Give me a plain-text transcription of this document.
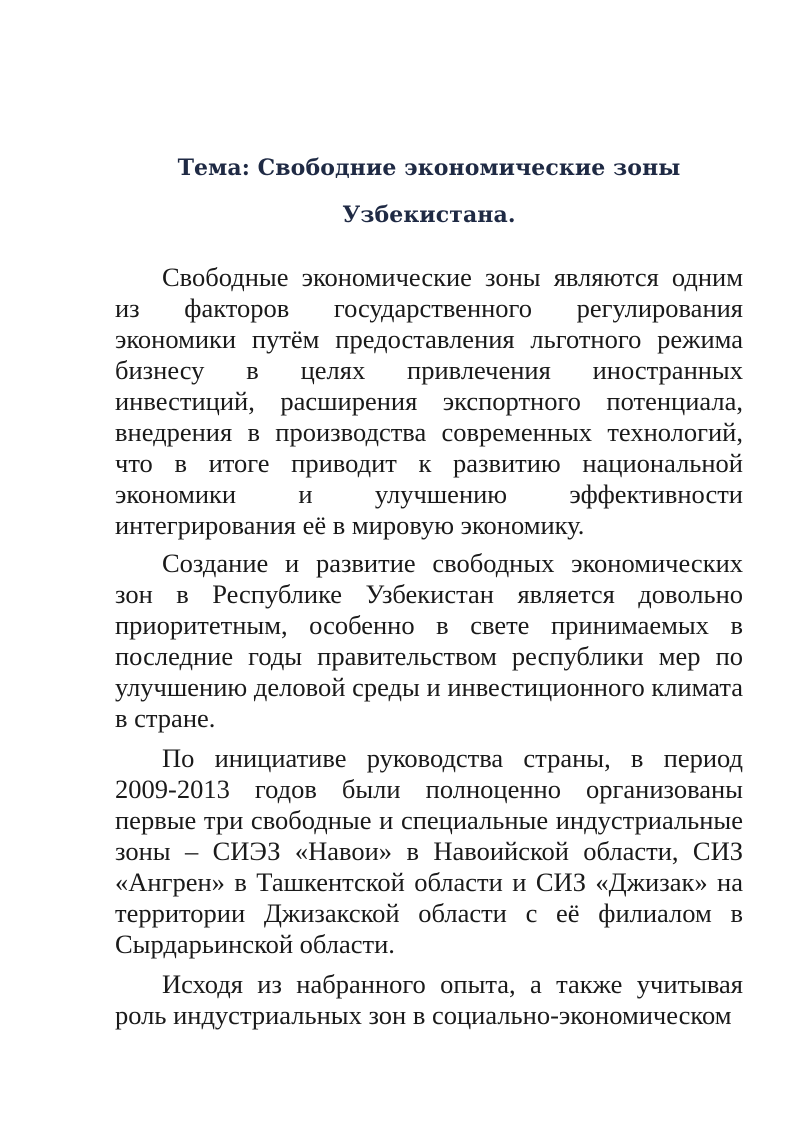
Тема: Свободние экономические зоны
Узбекистана.

Свободные экономические зоны являются одним из факторов государственного регулирования экономики путём предоставления льготного режима бизнесу в целях привлечения иностранных инвестиций, расширения экспортного потенциала, внедрения в производства современных технологий, что в итоге приводит к развитию национальной экономики и улучшению эффективности интегрирования её в мировую экономику.

Создание и развитие свободных экономических зон в Республике Узбекистан является довольно приоритетным, особенно в свете принимаемых в последние годы правительством республики мер по улучшению деловой среды и инвестиционного климата в стране.

По инициативе руководства страны, в период 2009-2013 годов были полноценно организованы первые три свободные и специальные индустриальные зоны – СИЭЗ «Навои» в Навоийской области, СИЗ «Ангрен» в Ташкентской области и СИЗ «Джизак» на территории Джизакской области с её филиалом в Сырдарьинской области.

Исходя из набранного опыта, а также учитывая роль индустриальных зон в социально-экономическом
